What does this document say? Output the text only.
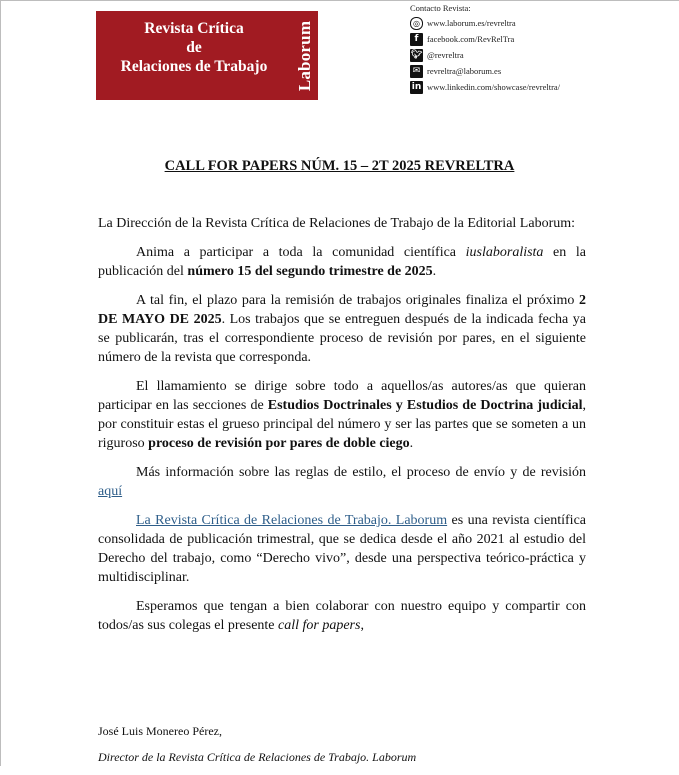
Revista Crítica
de
Relaciones de Trabajo	Laborum
Contacto Revista:
◎ www.laborum.es/revreltra
f	facebook.com/RevRelTra
🐦︎ @revreltra
✉ revreltra@laborum.es
in www.linkedin.com/showcase/revreltra/
CALL FOR PAPERS NÚM. 15 – 2T 2025 REVRELTRA

La Dirección de la Revista Crítica de Relaciones de Trabajo de la Editorial Laborum:

Anima a participar a toda la comunidad científica iuslaboralista en la publicación del número 15 del segundo trimestre de 2025.

A tal fin, el plazo para la remisión de trabajos originales finaliza el próximo 2 DE MAYO DE 2025. Los trabajos que se entreguen después de la indicada fecha ya se publicarán, tras el correspondiente proceso de revisión por pares, en el siguiente número de la revista que corresponda.

El llamamiento se dirige sobre todo a aquellos/as autores/as que quieran participar en las secciones de Estudios Doctrinales y Estudios de Doctrina judicial, por constituir estas el grueso principal del número y ser las partes que se someten a un riguroso proceso de revisión por pares de doble ciego.

Más información sobre las reglas de estilo, el proceso de envío y de revisión aquí

La Revista Crítica de Relaciones de Trabajo. Laborum es una revista científica consolidada de publicación trimestral, que se dedica desde el año 2021 al estudio del Derecho del trabajo, como “Derecho vivo”, desde una perspectiva teórico-práctica y multidisciplinar.

Esperamos que tengan a bien colaborar con nuestro equipo y compartir con todos/as sus colegas el presente call for papers,

José Luis Monereo Pérez,
Director de la Revista Crítica de Relaciones de Trabajo. Laborum
